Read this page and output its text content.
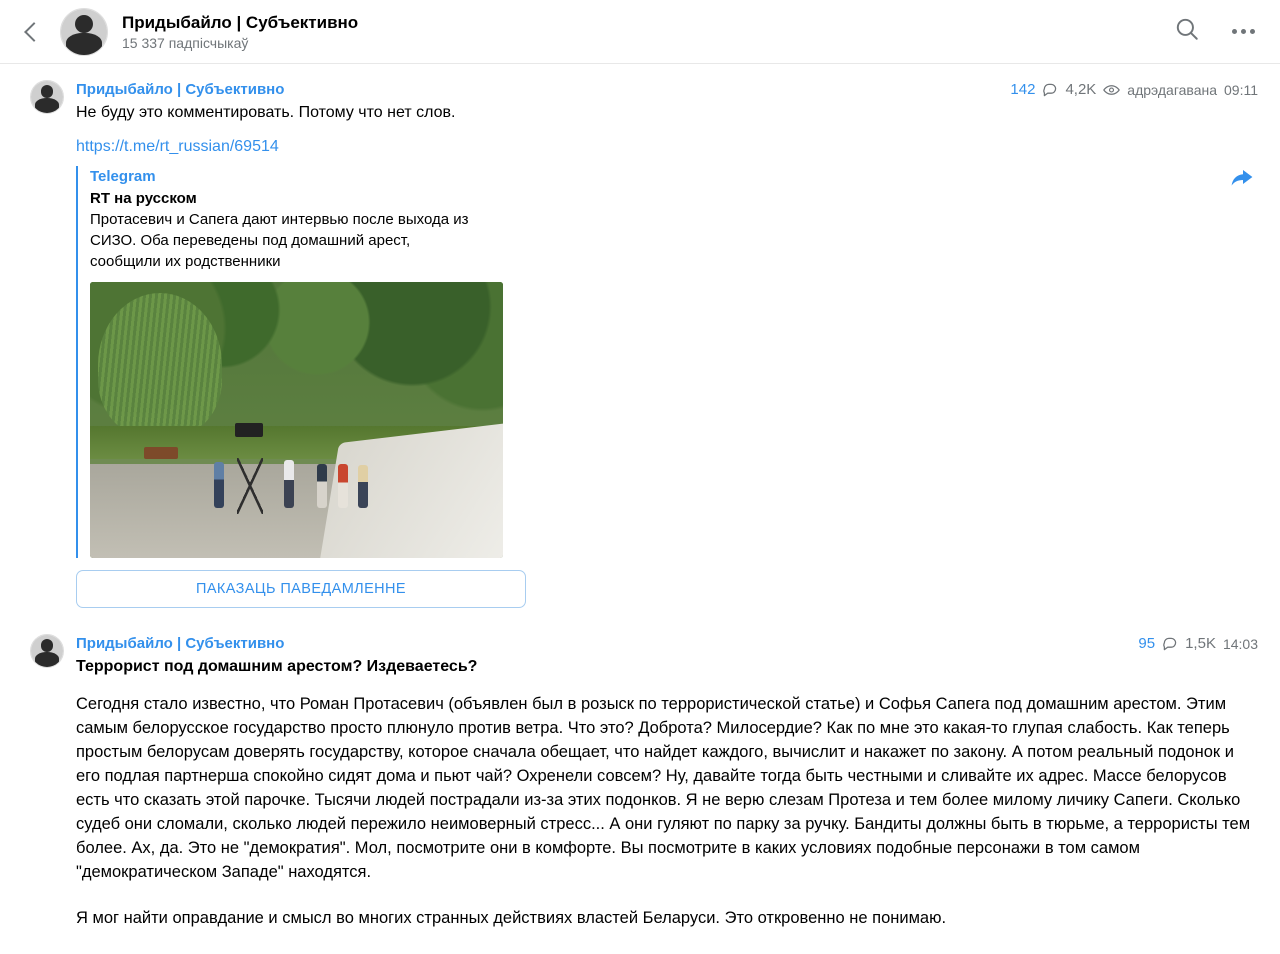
Придыбайло | Субъективно
15 337 падпісчыкаў
Придыбайло | Субъективно	142 4,2K адрэдагавана 09:11
Не буду это комментировать. Потому что нет слов.
https://t.me/rt_russian/69514
Telegram
RT на русском
Протасевич и Сапега дают интервью после выхода из СИЗО. Оба переведены под домашний арест, сообщили их родственники
ПАКАЗАЦЬ ПАВЕДАМЛЕННЕ
Придыбайло | Субъективно	95 1,5K 14:03
Террорист под домашним арестом? Издеваетесь?

Сегодня стало известно, что Роман Протасевич (объявлен был в розыск по террористической статье) и Софья Сапега под домашним арестом. Этим самым белорусское государство просто плюнуло против ветра. Что это? Доброта? Милосердие? Как по мне это какая-то глупая слабость. Как теперь простым белорусам доверять государству, которое сначала обещает, что найдет каждого, вычислит и накажет по закону. А потом реальный подонок и его подлая партнерша спокойно сидят дома и пьют чай? Охренели совсем? Ну, давайте тогда быть честными и сливайте их адрес. Массе белорусов есть что сказать этой парочке. Тысячи людей пострадали из-за этих подонков. Я не верю слезам Протеза и тем более милому личику Сапеги. Сколько судеб они сломали, сколько людей пережило неимоверный стресс... А они гуляют по парку за ручку. Бандиты должны быть в тюрьме, а террористы тем более. Ах, да. Это не "демократия". Мол, посмотрите они в комфорте. Вы посмотрите в каких условиях подобные персонажи в том самом "демократическом Западе" находятся.

Я мог найти оправдание и смысл во многих странных действиях властей Беларуси. Это откровенно не понимаю.
